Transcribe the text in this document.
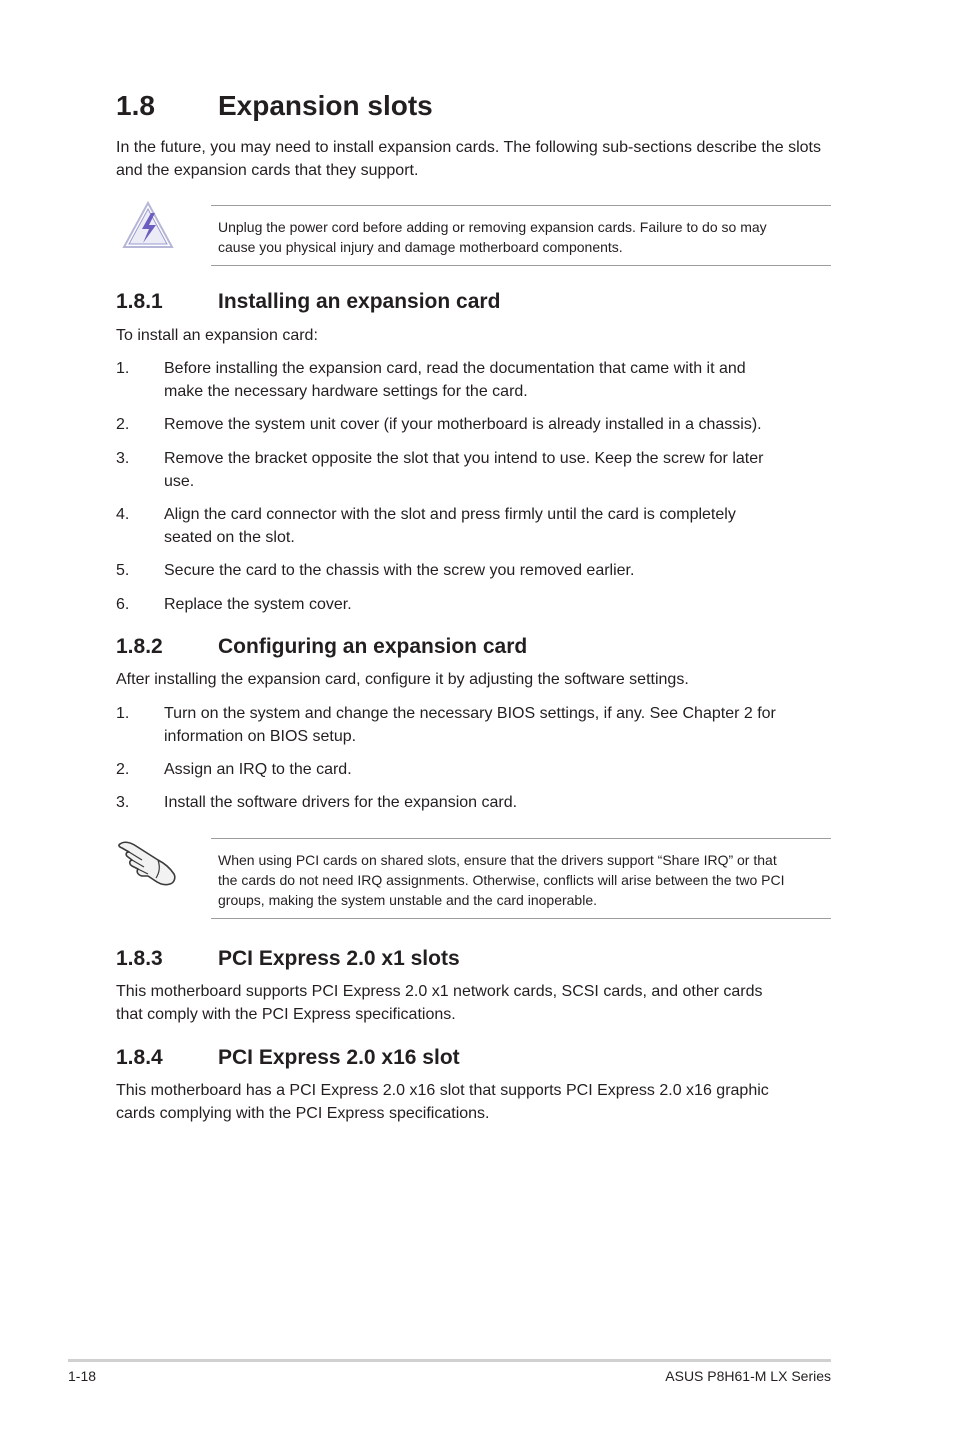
1.8 Expansion slots
In the future, you may need to install expansion cards. The following sub-sections describe the slots and the expansion cards that they support.
Unplug the power cord before adding or removing expansion cards. Failure to do so may
cause you physical injury and damage motherboard components.
1.8.1	Installing an expansion card
To install an expansion card:
1. Before installing the expansion card, read the documentation that came with it and
make the necessary hardware settings for the card.
2. Remove the system unit cover (if your motherboard is already installed in a chassis).
3. Remove the bracket opposite the slot that you intend to use. Keep the screw for later
use.
4. Align the card connector with the slot and press firmly until the card is completely
seated on the slot.
5. Secure the card to the chassis with the screw you removed earlier.
6. Replace the system cover.
1.8.2	Configuring an expansion card
After installing the expansion card, configure it by adjusting the software settings.
1. Turn on the system and change the necessary BIOS settings, if any. See Chapter 2 for
information on BIOS setup.
2. Assign an IRQ to the card.
3. Install the software drivers for the expansion card.
When using PCI cards on shared slots, ensure that the drivers support “Share IRQ” or that
the cards do not need IRQ assignments. Otherwise, conflicts will arise between the two PCI
groups, making the system unstable and the card inoperable.
1.8.3	PCI Express 2.0 x1 slots
This motherboard supports PCI Express 2.0 x1 network cards, SCSI cards, and other cards
that comply with the PCI Express specifications.
1.8.4	PCI Express 2.0 x16 slot
This motherboard has a PCI Express 2.0 x16 slot that supports PCI Express 2.0 x16 graphic
cards complying with the PCI Express specifications.
1-18	ASUS P8H61-M LX Series
